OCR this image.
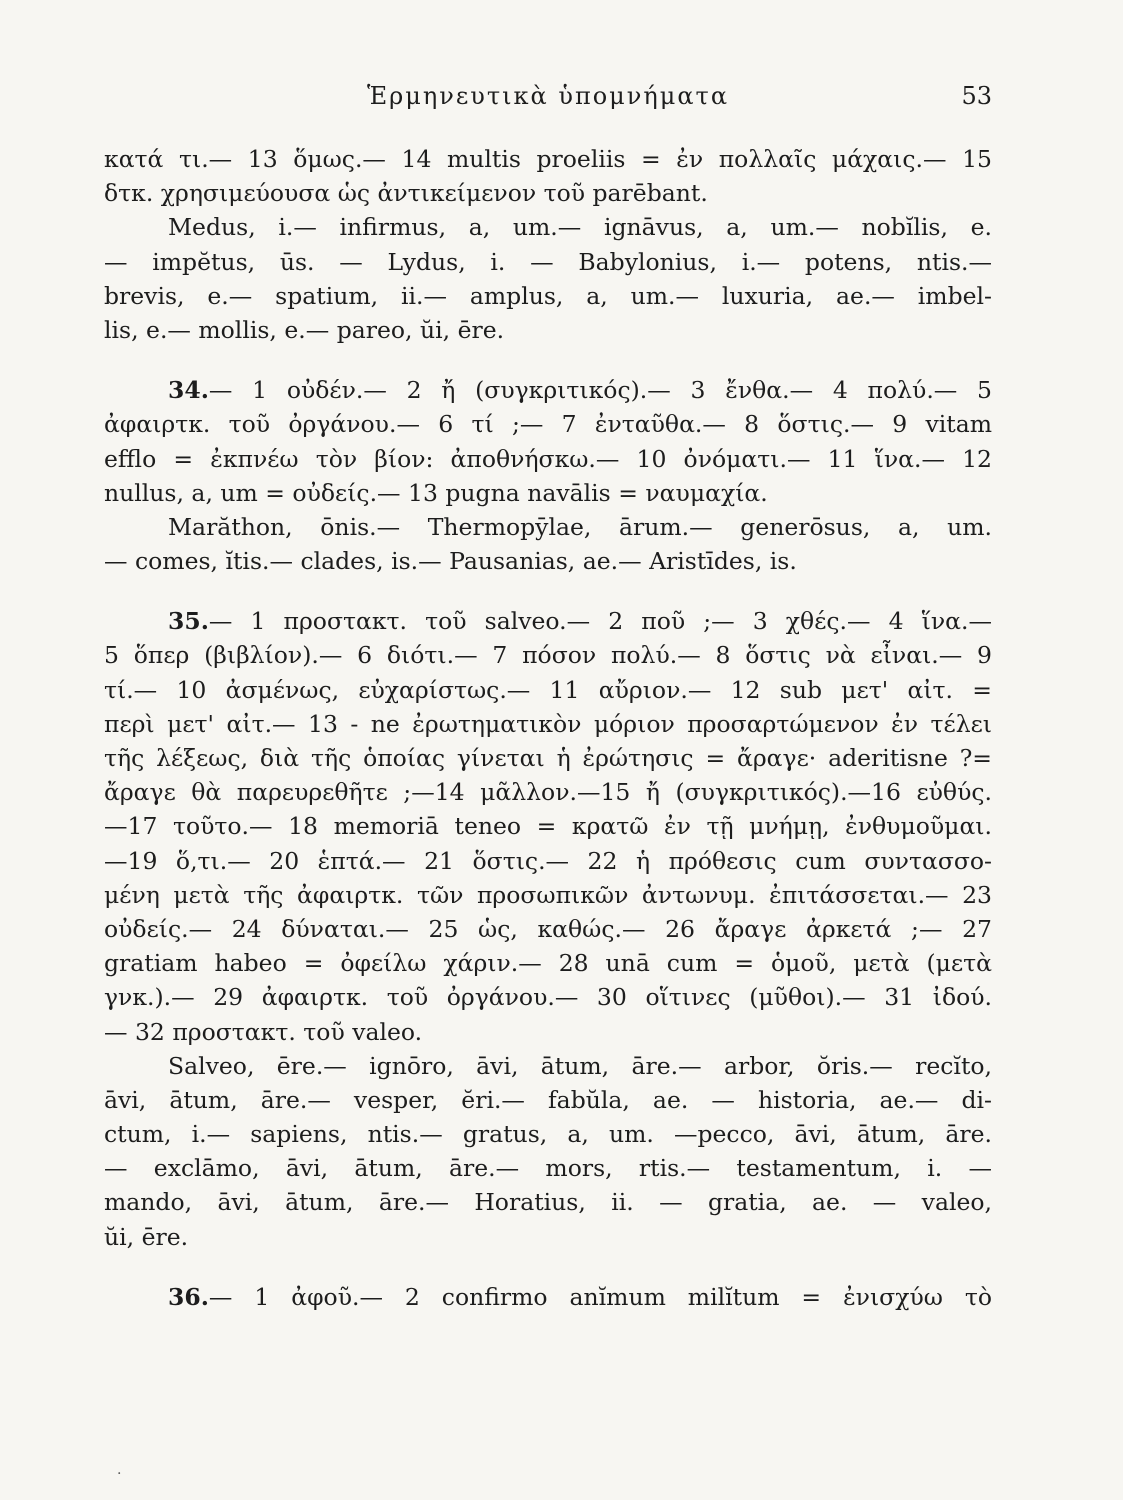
Ἑρμηνευτικὰ ὑπομνήματα	53
κατά τι.— 13 ὅμως.— 14 multis proeliis = ἐν πολλαῖς μάχαις.— 15
δτκ. χρησιμεύουσα ὡς ἀντικείμενον τοῦ parēbant.
Medus, i.— infirmus, a, um.— ignāvus, a, um.— nobĭlis, e.
— impĕtus, ūs. — Lydus, i. — Babylonius, i.— potens, ntis.—
brevis, e.— spatium, ii.— amplus, a, um.— luxuria, ae.— imbel-
lis, e.— mollis, e.— pareo, ŭi, ēre.
34.— 1 οὐδέν.— 2 ἤ (συγκριτικός).— 3 ἔνθα.— 4 πολύ.— 5
ἀφαιρτκ. τοῦ ὀργάνου.— 6 τί ;— 7 ἐνταῦθα.— 8 ὅστις.— 9 vitam
efflo = ἐκπνέω τὸν βίον: ἀποθνήσκω.— 10 ὀνόματι.— 11 ἵνα.— 12
nullus, a, um = οὐδείς.— 13 pugna navālis = ναυμαχία.
Marăthon, ōnis.— Thermopȳlae, ārum.— generōsus, a, um.
— comes, ĭtis.— clades, is.— Pausanias, ae.— Aristīdes, is.
35.— 1 προστακτ. τοῦ salveo.— 2 ποῦ ;— 3 χθές.— 4 ἵνα.—
5 ὅπερ (βιβλίον).— 6 διότι.— 7 πόσον πολύ.— 8 ὅστις νὰ εἶναι.— 9
τί.— 10 ἀσμένως, εὐχαρίστως.— 11 αὔριον.— 12 sub μετ' αἰτ. =
περὶ μετ' αἰτ.— 13 - ne ἐρωτηματικὸν μόριον προσαρτώμενον ἐν τέλει
τῆς λέξεως, διὰ τῆς ὁποίας γίνεται ἡ ἐρώτησις = ἄραγε· aderitisne ?=
ἄραγε θὰ παρευρεθῆτε ;—14 μᾶλλον.—15 ἤ (συγκριτικός).—16 εὐθύς.
—17 τοῦτο.— 18 memoriā teneo = κρατῶ ἐν τῇ μνήμῃ, ἐνθυμοῦμαι.
—19 ὅ,τι.— 20 ἑπτά.— 21 ὅστις.— 22 ἡ πρόθεσις cum συντασσο-
μένη μετὰ τῆς ἀφαιρτκ. τῶν προσωπικῶν ἀντωνυμ. ἐπιτάσσεται.— 23
οὐδείς.— 24 δύναται.— 25 ὡς, καθώς.— 26 ἄραγε ἀρκετά ;— 27
gratiam habeo = ὀφείλω χάριν.— 28 unā cum = ὁμοῦ, μετὰ (μετὰ
γνκ.).— 29 ἀφαιρτκ. τοῦ ὀργάνου.— 30 οἵτινες (μῦθοι).— 31 ἰδού.
— 32 προστακτ. τοῦ valeo.
Salveo, ēre.— ignōro, āvi, ātum, āre.— arbor, ŏris.— recĭto,
āvi, ātum, āre.— vesper, ĕri.— fabŭla, ae. — historia, ae.— di-
ctum, i.— sapiens, ntis.— gratus, a, um. —pecco, āvi, ātum, āre.
— exclāmo, āvi, ātum, āre.— mors, rtis.— testamentum, i. —
mando, āvi, ātum, āre.— Horatius, ii. — gratia, ae. — valeo,
ŭi, ēre.
36.— 1 ἀφοῦ.— 2 confirmo anĭmum milĭtum = ἐνισχύω τὸ
.
